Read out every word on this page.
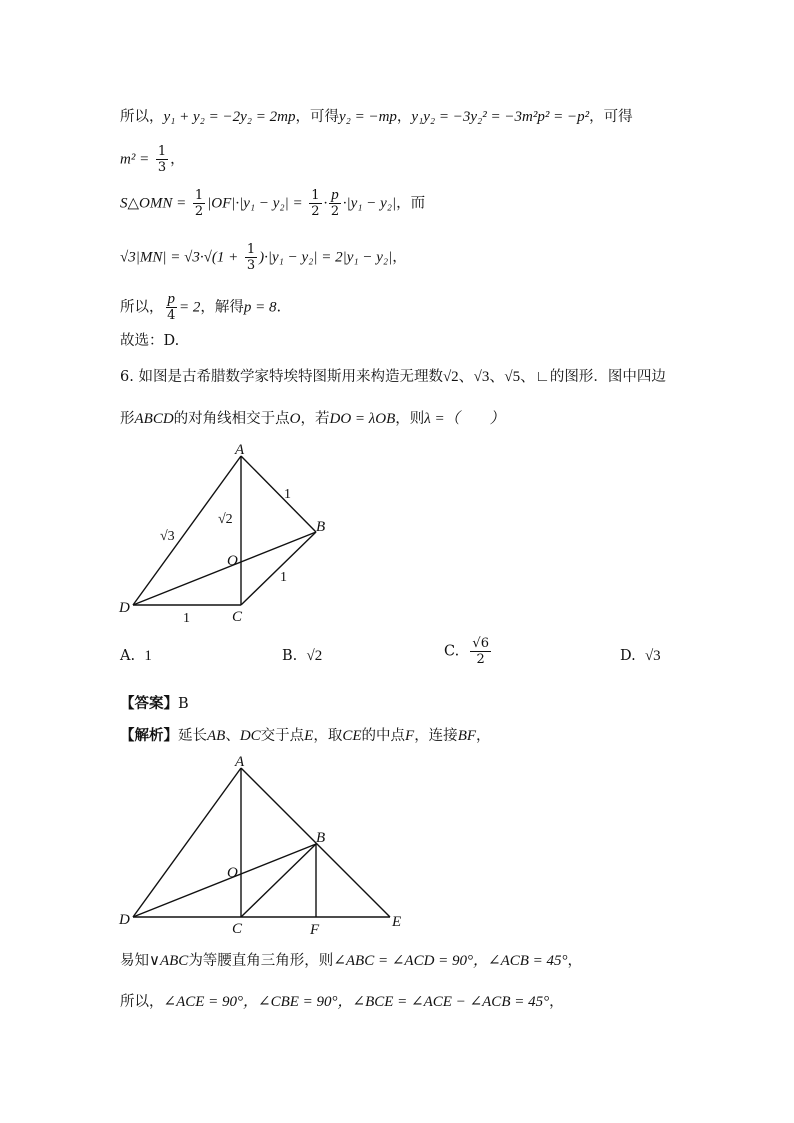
所以，y₁ + y₂ = −2y₂ = 2mp，可得y₂ = −mp，y₁y₂ = −3y₂² = −3m²p² = −p²，可得
$m^2 = \frac{1}{3}$ ，
S△OMN = $\frac{1}{2} |OF|\cdot|y_1 - y_2| = \frac{1}{2} \cdot \frac{p}{2} \cdot|y_1 - y_2|$，而
$√3|MN| = √3\cdot√(1 + \frac{1}{3} )\cdot|y_1 - y_2| = 2|y_1 - y_2|$，
所以， $\frac{p}{4} = 2$，解得p = 8.
故选：D.
6. 如图是古希腊数学家特埃特图斯用来构造无理数√2、√3、√5、∟的图形．图中四边
形ABCD的对角线相交于点O，若DO = λOB，则λ =（　　）
A
B
C
D
O
1
√3
√2
1
1
A. 1	B. √2	C. $\frac{√6}{2}$	D. √3
【答案】B
【解析】延长AB、DC交于点E，取CE的中点F，连接BF，
A
B
C
D
O
E
F
易知∨ABC为等腰直角三角形，则∠ABC = ∠ACD = 90°，∠ACB = 45°，
所以，∠ACE = 90°，∠CBE = 90°，∠BCE = ∠ACE − ∠ACB = 45°，
